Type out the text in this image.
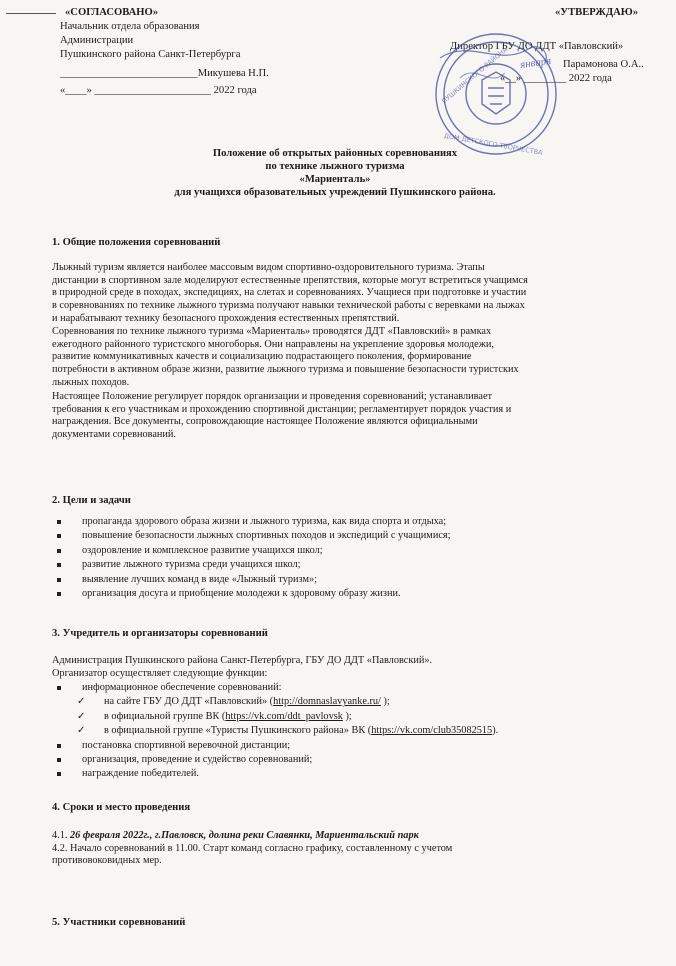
«СОГЛАСОВАНО»
Начальник отдела образования
Администрации
Пушкинского района Санкт-Петербурга
__________________________Микушева Н.П.
«____» ______________________ 2022 года
«УТВЕРЖДАЮ»
Директор ГБУ ДО ДДТ «Павловский»
Парамонова О.А..
«__» ________ 2022 года
ПУШКИНСКОГО РАЙОНА
ДОМ ДЕТСКОГО ТВОРЧЕСТВА
января
Положение об открытых районных соревнованиях
по технике лыжного туризма
«Мариенталь»
для учащихся образовательных учреждений Пушкинского района.
1. Общие положения соревнований
Лыжный туризм является наиболее массовым видом спортивно-оздоровительного туризма. Этапы
дистанции в спортивном зале моделируют естественные препятствия, которые могут встретиться учащимся
в природной среде в походах, экспедициях, на слетах и соревнованиях. Учащиеся при подготовке и участии
в соревнованиях по технике лыжного туризма получают навыки технической работы с веревками на лыжах
и нарабатывают технику безопасного прохождения естественных препятствий.
Соревнования по технике лыжного туризма «Мариенталь» проводятся ДДТ «Павловский» в рамках
ежегодного районного туристского многоборья. Они направлены на укрепление здоровья молодежи,
развитие коммуникативных качеств и социализацию подрастающего поколения, формирование
потребности в активном образе жизни, развитие лыжного туризма и повышение безопасности туристских
лыжных походов.
Настоящее Положение регулирует порядок организации и проведения соревнований; устанавливает
требования к его участникам и прохождению спортивной дистанции; регламентирует порядок участия и
награждения. Все документы, сопровождающие настоящее Положение являются официальными
документами соревнований.
2. Цели и задачи
пропаганда здорового образа жизни и лыжного туризма, как вида спорта и отдыха;
повышение безопасности лыжных спортивных походов и экспедиций с учащимися;
оздоровление и комплексное развитие учащихся школ;
развитие лыжного туризма среди учащихся школ;
выявление лучших команд в виде «Лыжный туризм»;
организация досуга и приобщение молодежи к здоровому образу жизни.
3. Учредитель и организаторы соревнований
Администрация Пушкинского района Санкт-Петербурга, ГБУ ДО ДДТ «Павловский».
Организатор осуществляет следующие функции:
информационное обеспечение соревнований:
✓ на сайте ГБУ ДО ДДТ «Павловский» (http://domnaslavyanke.ru/ );
✓ в официальной группе ВК (https://vk.com/ddt_pavlovsk );
✓ в официальной группе «Туристы Пушкинского района» ВК (https://vk.com/club35082515).
постановка спортивной веревочной дистанции;
организация, проведение и судейство соревнований;
награждение победителей.
4. Сроки и место проведения
4.1. 26 февраля 2022г., г.Павловск, долина реки Славянки, Мариентальский парк
4.2. Начало соревнований в 11.00. Старт команд согласно графику, составленному с учетом
противовоковидных мер.
5. Участники соревнований
